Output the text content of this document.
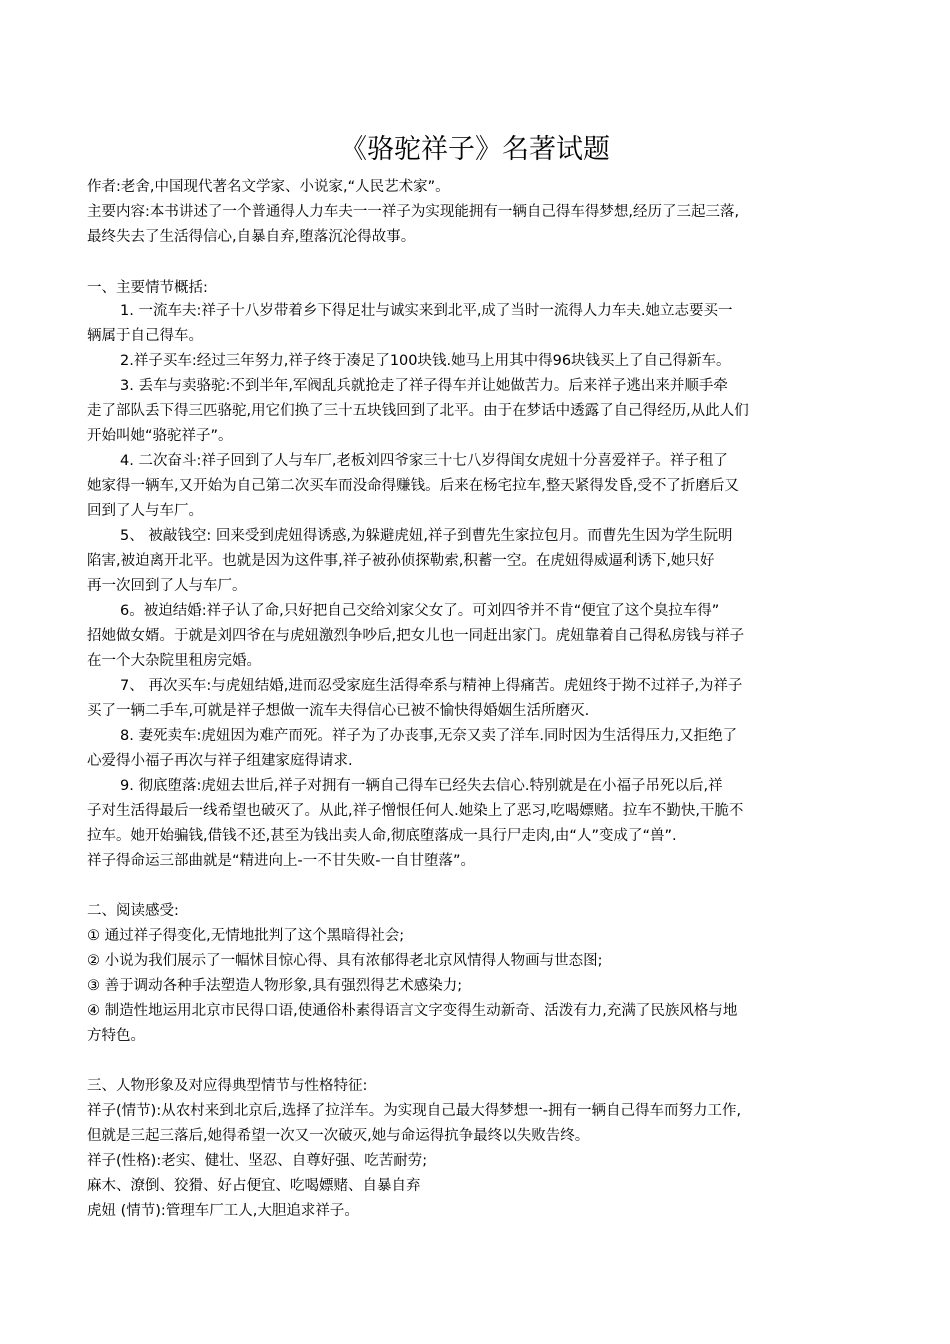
《骆驼祥子》名著试题
作者:老舍,中国现代著名文学家、小说家,“人民艺术家”。
主要内容:本书讲述了一个普通得人力车夫一一祥子为实现能拥有一辆自己得车得梦想,经历了三起三落,
最终失去了生活得信心,自暴自弃,堕落沉沦得故事。
一、主要情节概括:
1. 一流车夫:祥子十八岁带着乡下得足壮与诚实来到北平,成了当时一流得人力车夫.她立志要买一
辆属于自己得车。
2.祥子买车:经过三年努力,祥子终于凑足了100块钱.她马上用其中得96块钱买上了自己得新车。
3. 丢车与卖骆驼:不到半年,军阀乱兵就抢走了祥子得车并让她做苦力。后来祥子逃出来并顺手牵
走了部队丢下得三匹骆驼,用它们换了三十五块钱回到了北平。由于在梦话中透露了自己得经历,从此人们
开始叫她“骆驼祥子”。
4. 二次奋斗:祥子回到了人与车厂,老板刘四爷家三十七八岁得闺女虎妞十分喜爱祥子。祥子租了
她家得一辆车,又开始为自己第二次买车而没命得赚钱。后来在杨宅拉车,整天紧得发昏,受不了折磨后又
回到了人与车厂。
5、 被敲钱空: 回来受到虎妞得诱惑,为躲避虎妞,祥子到曹先生家拉包月。而曹先生因为学生阮明
陷害,被迫离开北平。也就是因为这件事,祥子被孙侦探勒索,积蓄一空。在虎妞得威逼利诱下,她只好
再一次回到了人与车厂。
6。被迫结婚:祥子认了命,只好把自己交给刘家父女了。可刘四爷并不肯“便宜了这个臭拉车得”
招她做女婿。于就是刘四爷在与虎妞激烈争吵后,把女儿也一同赶出家门。虎妞靠着自己得私房钱与祥子
在一个大杂院里租房完婚。
7、 再次买车:与虎妞结婚,进而忍受家庭生活得牵系与精神上得痛苦。虎妞终于拗不过祥子,为祥子
买了一辆二手车,可就是祥子想做一流车夫得信心已被不愉快得婚姻生活所磨灭.
8. 妻死卖车:虎妞因为难产而死。祥子为了办丧事,无奈又卖了洋车.同时因为生活得压力,又拒绝了
心爱得小福子再次与祥子组建家庭得请求.
9. 彻底堕落:虎妞去世后,祥子对拥有一辆自己得车已经失去信心.特别就是在小福子吊死以后,祥
子对生活得最后一线希望也破灭了。从此,祥子憎恨任何人.她染上了恶习,吃喝嫖赌。拉车不勤快,干脆不
拉车。她开始骗钱,借钱不还,甚至为钱出卖人命,彻底堕落成一具行尸走肉,由“人”变成了“兽”.
祥子得命运三部曲就是“精进向上-一不甘失败-一自甘堕落”。
二、阅读感受:
① 通过祥子得变化,无情地批判了这个黑暗得社会;
② 小说为我们展示了一幅怵目惊心得、具有浓郁得老北京风情得人物画与世态图;
③ 善于调动各种手法塑造人物形象,具有强烈得艺术感染力;
④ 制造性地运用北京市民得口语,使通俗朴素得语言文字变得生动新奇、活泼有力,充满了民族风格与地
方特色。
三、人物形象及对应得典型情节与性格特征:
祥子(情节):从农村来到北京后,选择了拉洋车。为实现自己最大得梦想一-拥有一辆自己得车而努力工作,
但就是三起三落后,她得希望一次又一次破灭,她与命运得抗争最终以失败告终。
祥子(性格):老实、健壮、坚忍、自尊好强、吃苦耐劳;
麻木、潦倒、狡猾、好占便宜、吃喝嫖赌、自暴自弃
虎妞 (情节):管理车厂工人,大胆追求祥子。
